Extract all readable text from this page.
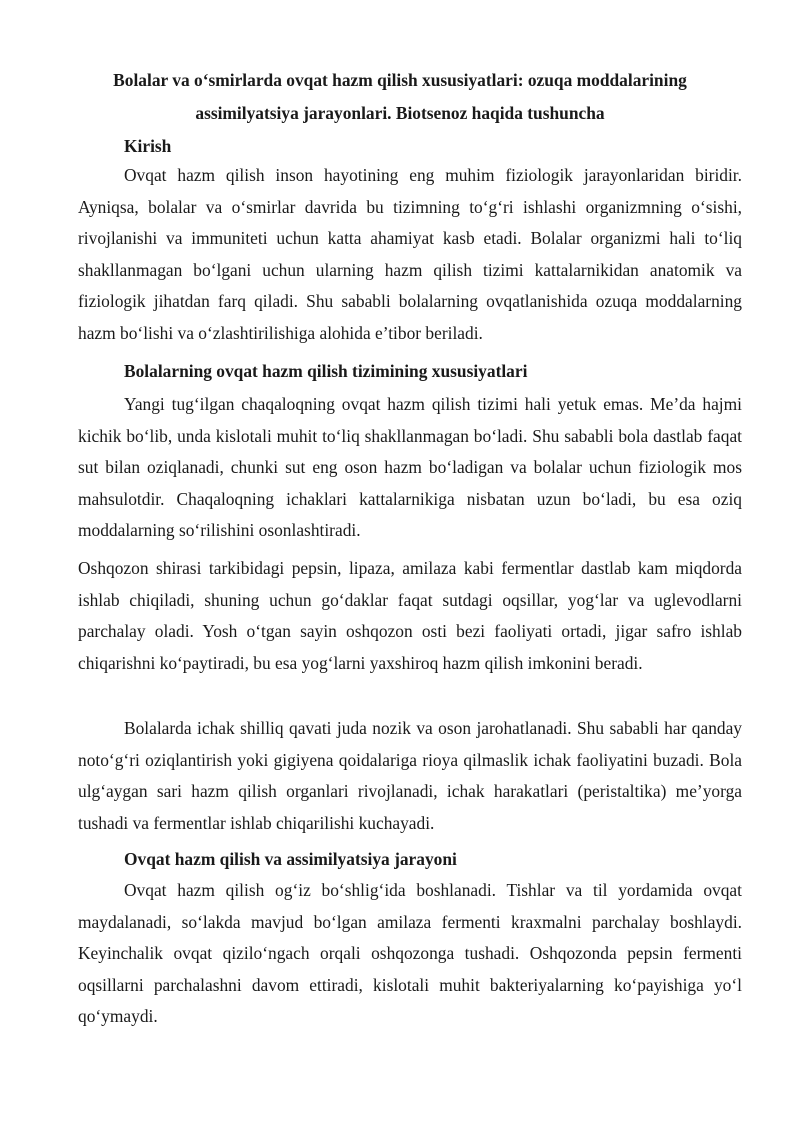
Bolalar va o‘smirlarda ovqat hazm qilish xususiyatlari: ozuqa moddalarining assimilyatsiya jarayonlari. Biotsenoz haqida tushuncha
Kirish

Ovqat hazm qilish inson hayotining eng muhim fiziologik jarayonlaridan biridir. Ayniqsa, bolalar va o‘smirlar davrida bu tizimning to‘g‘ri ishlashi organizmning o‘sishi, rivojlanishi va immuniteti uchun katta ahamiyat kasb etadi. Bolalar organizmi hali to‘liq shakllanmagan bo‘lgani uchun ularning hazm qilish tizimi kattalarnikidan anatomik va fiziologik jihatdan farq qiladi. Shu sababli bolalarning ovqatlanishida ozuqa moddalarning hazm bo‘lishi va o‘zlashtirilishiga alohida e’tibor beriladi.

Bolalarning ovqat hazm qilish tizimining xususiyatlari

Yangi tug‘ilgan chaqaloqning ovqat hazm qilish tizimi hali yetuk emas. Me’da hajmi kichik bo‘lib, unda kislotali muhit to‘liq shakllanmagan bo‘ladi. Shu sababli bola dastlab faqat sut bilan oziqlanadi, chunki sut eng oson hazm bo‘ladigan va bolalar uchun fiziologik mos mahsulotdir. Chaqaloqning ichaklari kattalarnikiga nisbatan uzun bo‘ladi, bu esa oziq moddalarning so‘rilishini osonlashtiradi.

Oshqozon shirasi tarkibidagi pepsin, lipaza, amilaza kabi fermentlar dastlab kam miqdorda ishlab chiqiladi, shuning uchun go‘daklar faqat sutdagi oqsillar, yog‘lar va uglevodlarni parchalay oladi. Yosh o‘tgan sayin oshqozon osti bezi faoliyati ortadi, jigar safro ishlab chiqarishni ko‘paytiradi, bu esa yog‘larni yaxshiroq hazm qilish imkonini beradi.

Bolalarda ichak shilliq qavati juda nozik va oson jarohatlanadi. Shu sababli har qanday noto‘g‘ri oziqlantirish yoki gigiyena qoidalariga rioya qilmaslik ichak faoliyatini buzadi. Bola ulg‘aygan sari hazm qilish organlari rivojlanadi, ichak harakatlari (peristaltika) me’yorga tushadi va fermentlar ishlab chiqarilishi kuchayadi.

Ovqat hazm qilish va assimilyatsiya jarayoni

Ovqat hazm qilish og‘iz bo‘shlig‘ida boshlanadi. Tishlar va til yordamida ovqat maydalanadi, so‘lakda mavjud bo‘lgan amilaza fermenti kraxmalni parchalay boshlaydi. Keyinchalik ovqat qizilo‘ngach orqali oshqozonga tushadi. Oshqozonda pepsin fermenti oqsillarni parchalashni davom ettiradi, kislotali muhit bakteriyalarning ko‘payishiga yo‘l qo‘ymaydi.
